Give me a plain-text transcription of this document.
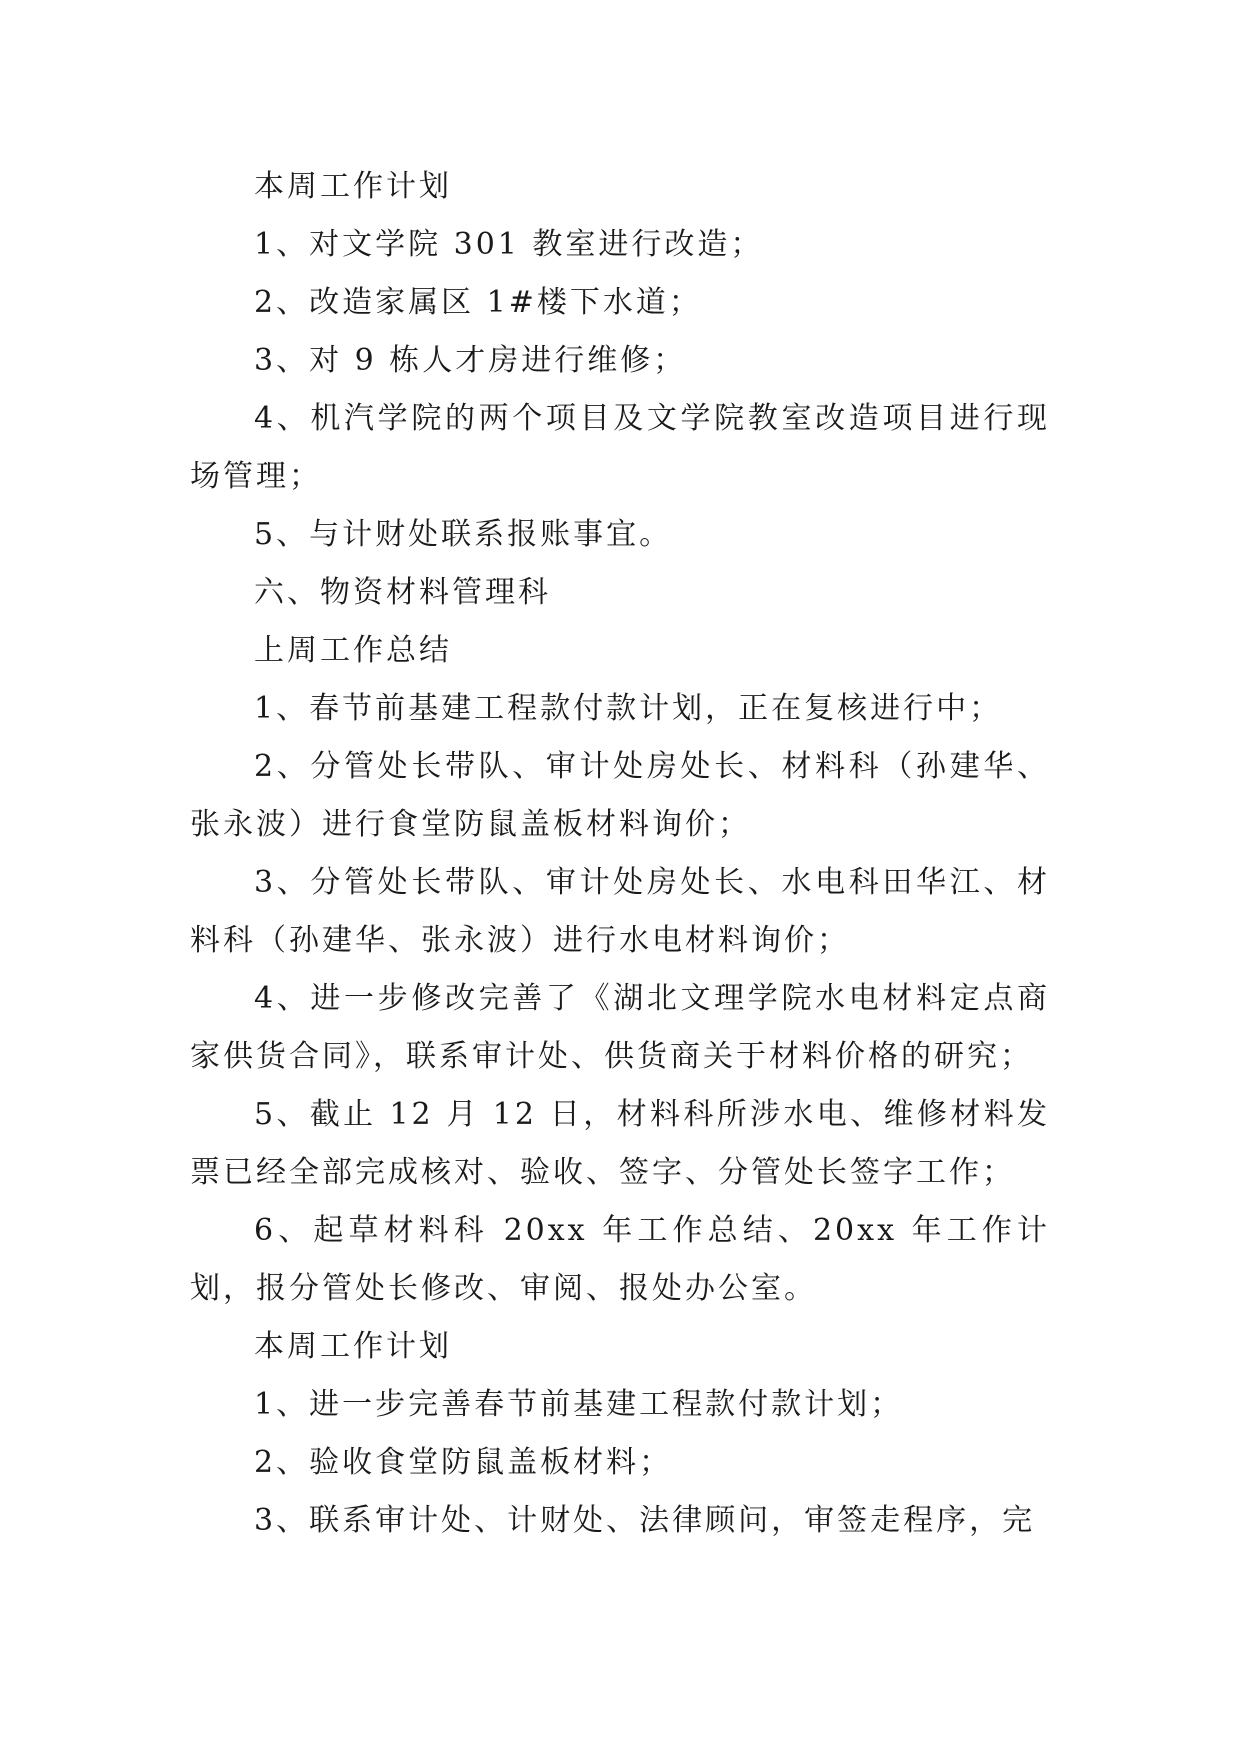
本周工作计划

1、对文学院 301 教室进行改造；

2、改造家属区 1#楼下水道；

3、对 9 栋人才房进行维修；

4、机汽学院的两个项目及文学院教室改造项目进行现场管理；

5、与计财处联系报账事宜。

六、物资材料管理科

上周工作总结

1、春节前基建工程款付款计划，正在复核进行中；

2、分管处长带队、审计处房处长、材料科（孙建华、张永波）进行食堂防鼠盖板材料询价；

3、分管处长带队、审计处房处长、水电科田华江、材料科（孙建华、张永波）进行水电材料询价；

4、进一步修改完善了《湖北文理学院水电材料定点商家供货合同》，联系审计处、供货商关于材料价格的研究；

5、截止 12 月 12 日，材料科所涉水电、维修材料发票已经全部完成核对、验收、签字、分管处长签字工作；

6、起草材料科 20xx 年工作总结、20xx 年工作计划，报分管处长修改、审阅、报处办公室。

本周工作计划

1、进一步完善春节前基建工程款付款计划；

2、验收食堂防鼠盖板材料；

3、联系审计处、计财处、法律顾问，审签走程序，完
